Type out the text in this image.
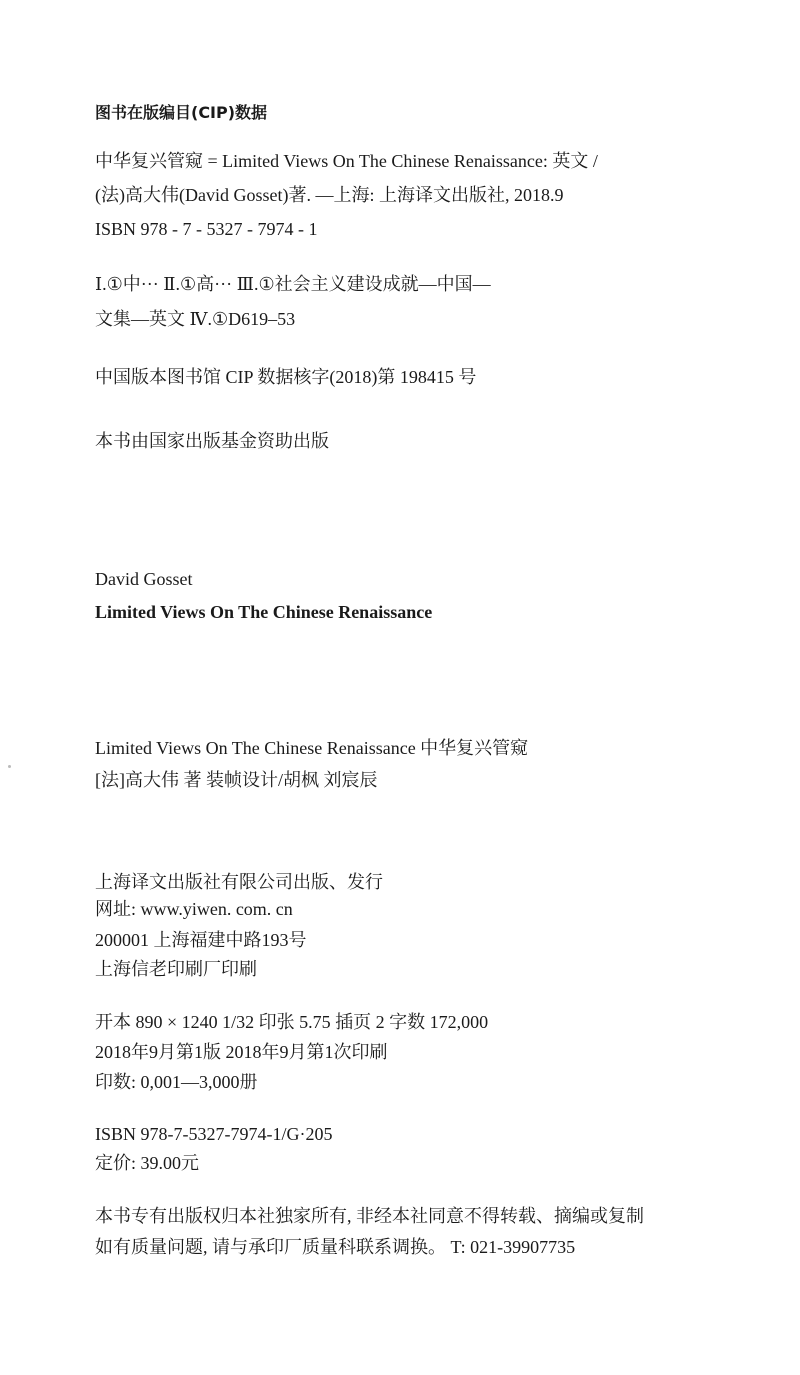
图书在版编目(CIP)数据
中华复兴管窥 = Limited Views On The Chinese Renaissance: 英文 /
(法)高大伟(David Gosset)著. —上海: 上海译文出版社, 2018.9
ISBN 978 - 7 - 5327 - 7974 - 1
Ⅰ.①中··· Ⅱ.①高··· Ⅲ.①社会主义建设成就—中国—
文集—英文 Ⅳ.①D619–53
中国版本图书馆 CIP 数据核字(2018)第 198415 号
本书由国家出版基金资助出版
David Gosset
Limited Views On The Chinese Renaissance
Limited Views On The Chinese Renaissance 中华复兴管窥
[法]高大伟 著 装帧设计/胡枫 刘宸辰
上海译文出版社有限公司出版、发行
网址: www.yiwen. com. cn
200001 上海福建中路193号
上海信老印刷厂印刷
开本 890 × 1240 1/32 印张 5.75 插页 2 字数 172,000
2018年9月第1版 2018年9月第1次印刷
印数: 0,001—3,000册
ISBN 978-7-5327-7974-1/G·205
定价: 39.00元
本书专有出版权归本社独家所有, 非经本社同意不得转载、摘编或复制
如有质量问题, 请与承印厂质量科联系调换。 T: 021-39907735
